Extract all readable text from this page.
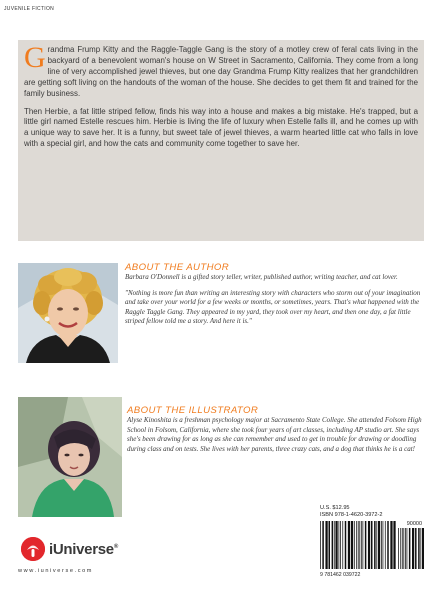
JUVENILE FICTION

Grandma Frump Kitty and the Raggle-Taggle Gang is the story of a motley crew of feral cats living in the backyard of a benevolent woman's house on W Street in Sacramento, California. They come from a long line of very accomplished jewel thieves, but one day Grandma Frump Kitty realizes that her grandchildren are getting soft living on the handouts of the woman of the house. She decides to get them fit and trained for the family business.

Then Herbie, a fat little striped fellow, finds his way into a house and makes a big mistake. He's trapped, but a little girl named Estelle rescues him. Herbie is living the life of luxury when Estelle falls ill, and he comes up with a unique way to save her. It is a funny, but sweet tale of jewel thieves, a warm hearted little cat who falls in love with a special girl, and how the cats and community come together to save her.

ABOUT THE AUTHOR

Barbara O'Donnell is a gifted story teller, writer, published author, writing teacher, and cat lover.

"Nothing is more fun than writing an interesting story with characters who storm out of your imagination and take over your world for a few weeks or months, or sometimes, years. That's what happened with the Raggle Taggle Gang. They appeared in my yard, they took over my heart, and then one day, a fat little striped fellow told me a story. And here it is."

ABOUT THE ILLUSTRATOR

Alyse Kinoshita is a freshman psychology major at Sacramento State College. She attended Folsom High School in Folsom, California, where she took four years of art classes, including AP studio art. She says she's been drawing for as long as she can remember and used to get in trouble for drawing or doodling during class and on tests. She lives with her parents, three crazy cats, and a dog that thinks he is a cat!

iUniverse®
www.iuniverse.com
U.S. $12.95
ISBN 978-1-4620-3972-2
90000
9 781462 039722
